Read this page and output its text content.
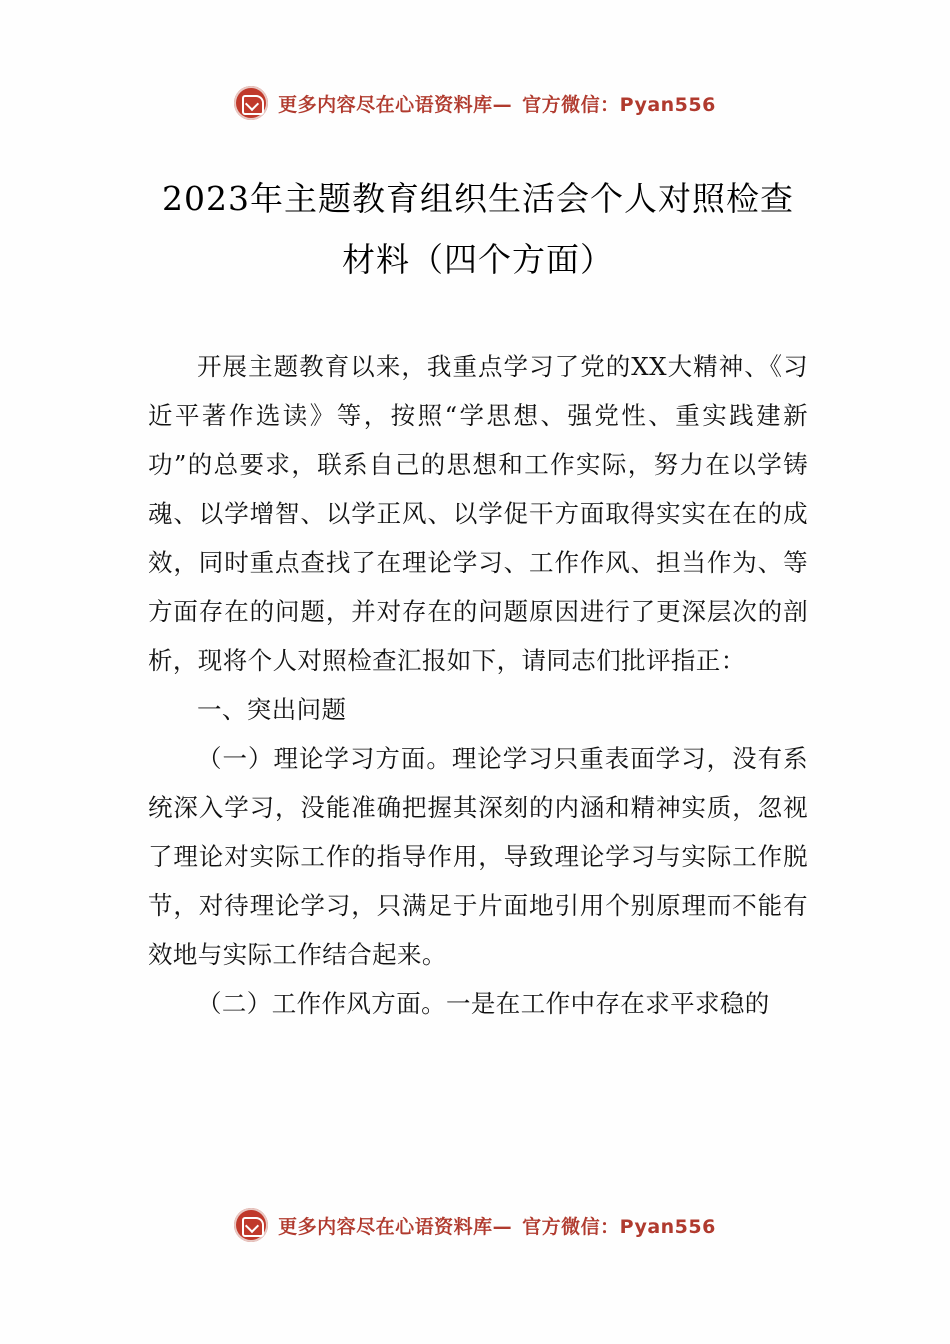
更多内容尽在心语资料库— 官方微信：Pyan556
2023年主题教育组织生活会个人对照检查
材料（四个方面）

开展主题教育以来，我重点学习了党的XX大精神、《习近平著作选读》等，按照“学思想、强党性、重实践建新功”的总要求，联系自己的思想和工作实际，努力在以学铸魂、以学增智、以学正风、以学促干方面取得实实在在的成效，同时重点查找了在理论学习、工作作风、担当作为、等方面存在的问题，并对存在的问题原因进行了更深层次的剖析，现将个人对照检查汇报如下，请同志们批评指正：

一、突出问题

（一）理论学习方面。理论学习只重表面学习，没有系统深入学习，没能准确把握其深刻的内涵和精神实质，忽视了理论对实际工作的指导作用，导致理论学习与实际工作脱节，对待理论学习，只满足于片面地引用个别原理而不能有效地与实际工作结合起来。

（二）工作作风方面。一是在工作中存在求平求稳的

更多内容尽在心语资料库— 官方微信：Pyan556
